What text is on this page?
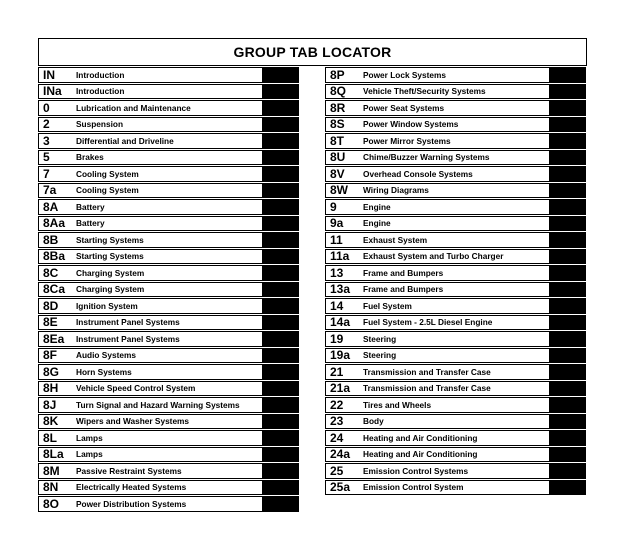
GROUP TAB LOCATOR
IN	Introduction
INa	Introduction
0	Lubrication and Maintenance
2	Suspension
3	Differential and Driveline
5	Brakes
7	Cooling System
7a	Cooling System
8A	Battery
8Aa	Battery
8B	Starting Systems
8Ba	Starting Systems
8C	Charging System
8Ca	Charging System
8D	Ignition System
8E	Instrument Panel Systems
8Ea	Instrument Panel Systems
8F	Audio Systems
8G	Horn Systems
8H	Vehicle Speed Control System
8J	Turn Signal and Hazard Warning Systems
8K	Wipers and Washer Systems
8L	Lamps
8La	Lamps
8M	Passive Restraint Systems
8N	Electrically Heated Systems
8O	Power Distribution Systems
8P	Power Lock Systems
8Q	Vehicle Theft/Security Systems
8R	Power Seat Systems
8S	Power Window Systems
8T	Power Mirror Systems
8U	Chime/Buzzer Warning Systems
8V	Overhead Console Systems
8W	Wiring Diagrams
9	Engine
9a	Engine
11	Exhaust System
11a	Exhaust System and Turbo Charger
13	Frame and Bumpers
13a	Frame and Bumpers
14	Fuel System
14a	Fuel System - 2.5L Diesel Engine
19	Steering
19a	Steering
21	Transmission and Transfer Case
21a	Transmission and Transfer Case
22	Tires and Wheels
23	Body
24	Heating and Air Conditioning
24a	Heating and Air Conditioning
25	Emission Control Systems
25a	Emission Control System
